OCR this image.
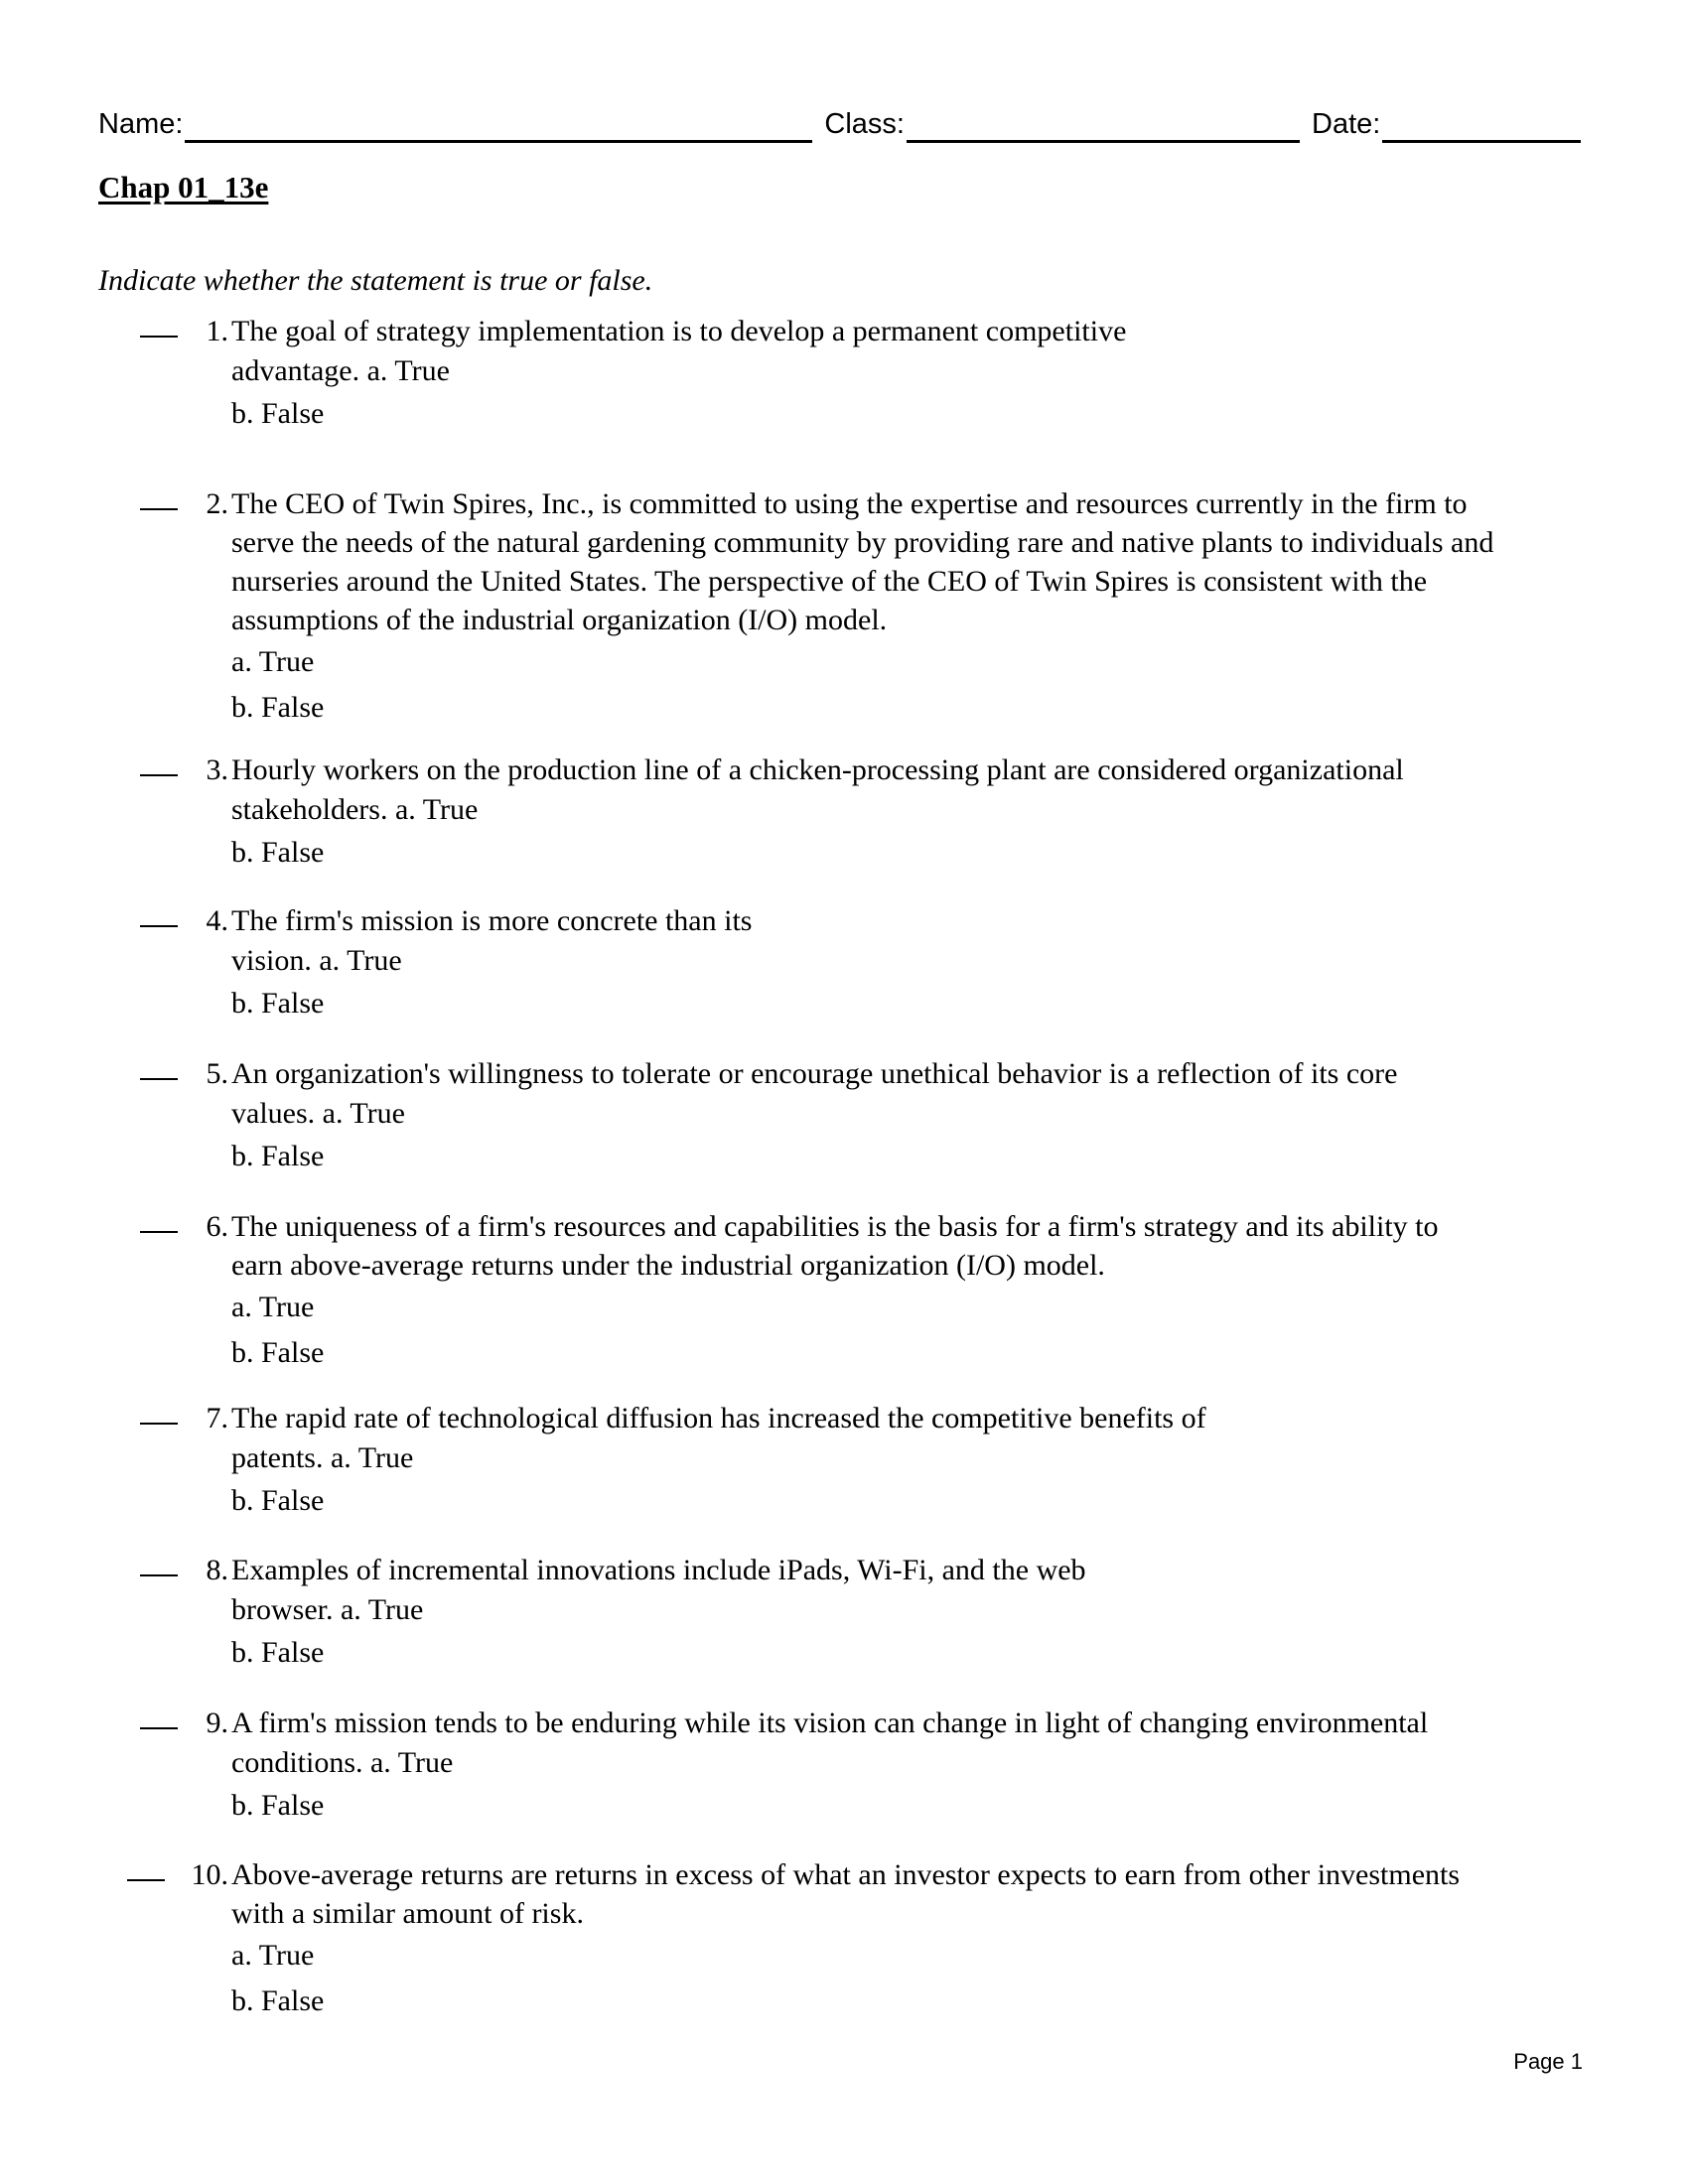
Name:	Class:	Date:
Chap 01_13e
Indicate whether the statement is true or false.
1. The goal of strategy implementation is to develop a permanent competitive
advantage. a. True
b. False
2. The CEO of Twin Spires, Inc., is committed to using the expertise and resources currently in the firm to
serve the needs of the natural gardening community by providing rare and native plants to individuals and
nurseries around the United States. The perspective of the CEO of Twin Spires is consistent with the
assumptions of the industrial organization (I/O) model.
a. True
b. False
3. Hourly workers on the production line of a chicken-processing plant are considered organizational
stakeholders. a. True
b. False
4. The firm's mission is more concrete than its
vision. a. True
b. False
5. An organization's willingness to tolerate or encourage unethical behavior is a reflection of its core
values. a. True
b. False
6. The uniqueness of a firm's resources and capabilities is the basis for a firm's strategy and its ability to
earn above-average returns under the industrial organization (I/O) model.
a. True
b. False
7. The rapid rate of technological diffusion has increased the competitive benefits of
patents. a. True
b. False
8. Examples of incremental innovations include iPads, Wi-Fi, and the web
browser. a. True
b. False
9. A firm's mission tends to be enduring while its vision can change in light of changing environmental
conditions. a. True
b. False
10. Above-average returns are returns in excess of what an investor expects to earn from other investments
with a similar amount of risk.
a. True
b. False
Page 1
